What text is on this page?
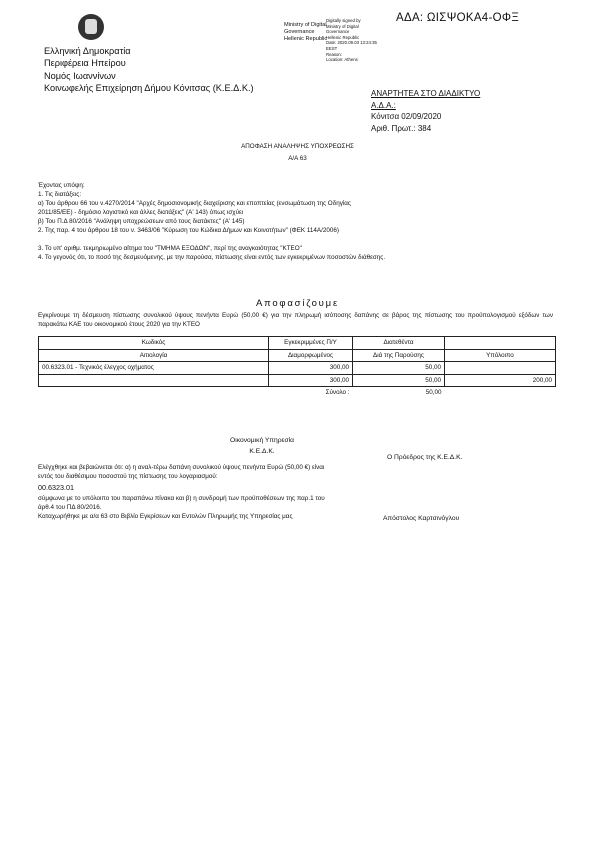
ΑΔΑ: ΩΙΣΨΟΚΑ4-ΟΦΞ
Ministry of Digital
Governance
Hellenic Republic
Digitally signed by
Ministry of Digital
Governance
Hellenic Republic
Date: 2020.09.03 13:24:35
EEST
Reason:
Location: Athens
Ελληνική Δημοκρατία
Περιφέρεια Ηπείρου
Νομός Ιωαννίνων
Κοινωφελής Επιχείρηση Δήμου Κόνιτσας (Κ.Ε.Δ.Κ.)
ΑΝΑΡΤΗΤΕΑ ΣΤΟ ΔΙΑΔΙΚΤΥΟ
Α.Δ.Α.:
Κόνιτσα 02/09/2020
Αριθ. Πρωτ.: 384
ΑΠΟΦΑΣΗ ΑΝΑΛΗΨΗΣ ΥΠΟΧΡΕΩΣΗΣ
Α/Α 63
Έχοντας υπόψη:
1. Τις διατάξεις:
α) Του άρθρου 66 του ν.4270/2014 "Αρχές δημοσιονομικής διαχείρισης και εποπτείας (ενσωμάτωση της Οδηγίας
2011/85/ΕΕ) - δημόσιο λογιστικό και άλλες διατάξεις" (Α' 143) όπως ισχύει
β) Του Π.Δ 80/2016 "Ανάληψη υποχρεώσεων από τους διατάκτες" (Α' 145)
2. Της παρ. 4 του άρθρου 18 του ν. 3463/06 "Κύρωση του Κώδικα Δήμων και Κοινοτήτων" (ΦΕΚ 114Α/2006)
3. Το υπ' αριθμ. τεκμηριωμένο αίτημα του "ΤΜΗΜΑ ΕΞΟΔΩΝ", περί της αναγκαιότητας "ΚΤΕΟ"
4. Το γεγονός ότι, το ποσό της δεσμευόμενης, με την παρούσα, πίστωσης είναι εντός των εγκεκριμένων ποσοστών διάθεσης.
Αποφασίζουμε
Εγκρίνουμε τη δέσμευση πίστωσης συνολικού ύψους πενήντα Ευρώ (50,00 €) για την πληρωμή ισόποσης δαπάνης σε βάρος της πίστωσης του προϋπολογισμού εξόδων των παρακάτω ΚΑΕ του οικονομικού έτους 2020 για την ΚΤΕΟ
Κωδικός	Εγκεκριμμένες Π/Υ	Διατεθέντα	
Αιτιολογία	Διαμορφωμένος	Διά της Παρούσης	Υπόλοιπο
00.6323.01 - Τεχνικός έλεγχος οχήματος	300,00	50,00	
	300,00	50,00	200,00
	Σύνολο :	50,00	
Οικονομική Υπηρεσία
Κ.Ε.Δ.Κ.
Ελέγχθηκε και βεβαιώνεται ότι: α) η αναλ-τέρω δαπάνη συνολικού ύψους πενήντα Ευρώ (50,00 €) είναι εντός του διαθέσιμου ποσοστού της πίστωσης του λογαριασμού:
00.6323.01
σύμφωνα με το υπόλοιπο του παραπάνω πίνακα και β) η συνδρομή των προϋποθέσεων της παρ.1 του άρθ.4 του ΠΔ 80/2016.
Καταχωρήθηκε με α/α 63 στο Βιβλίο Εγκρίσεων και Εντολών Πληρωμής της Υπηρεσίας μας
Ο Πρόεδρος της Κ.Ε.Δ.Κ.
Απόστολος Καρτσινόγλου
